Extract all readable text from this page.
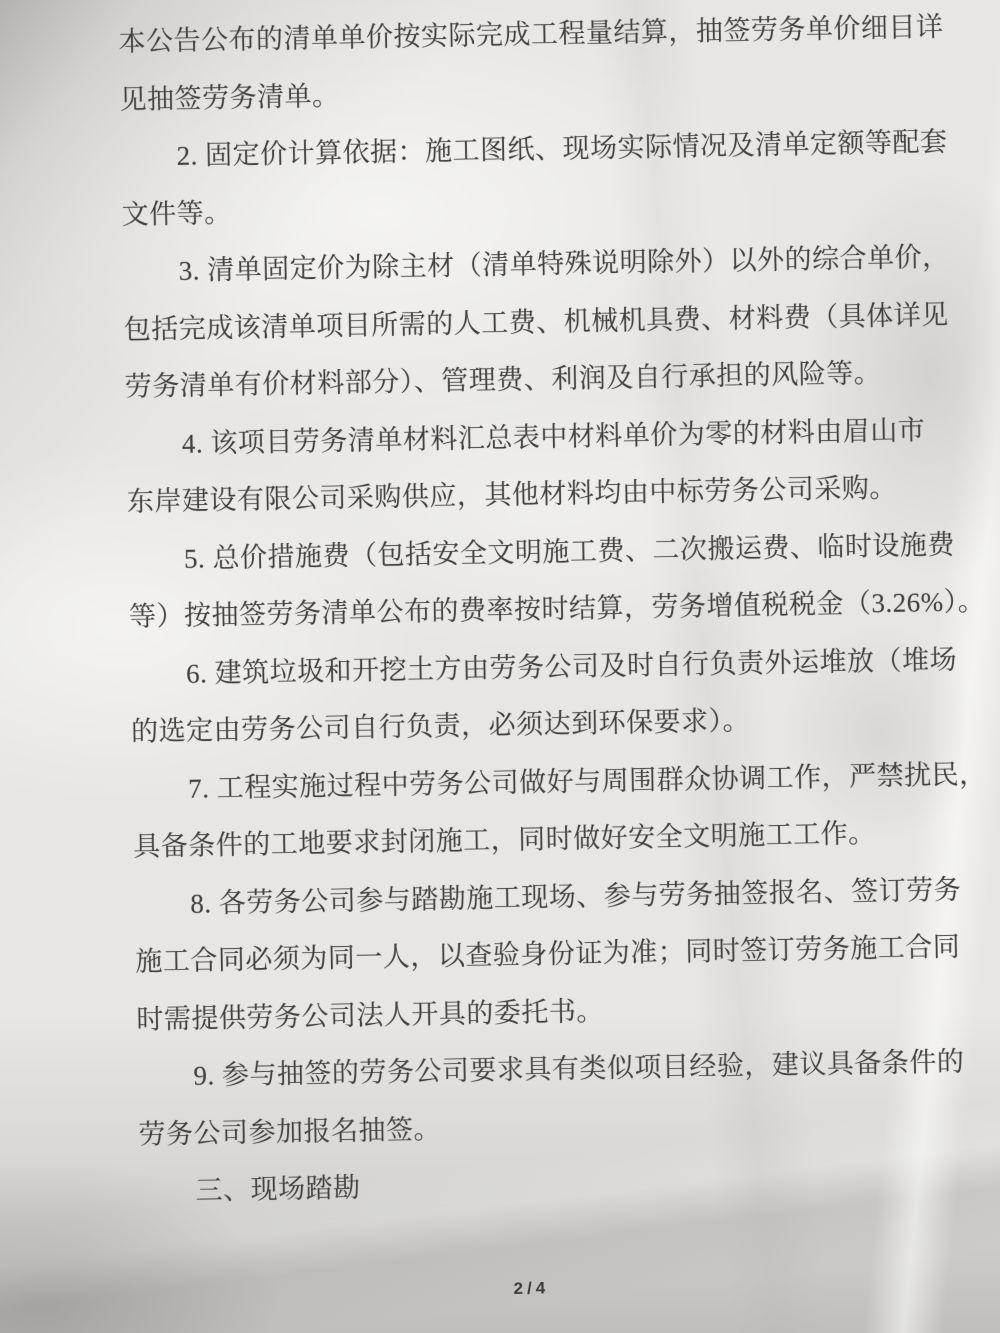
本公告公布的清单单价按实际完成工程量结算，抽签劳务单价细目详
见抽签劳务清单。
2. 固定价计算依据：施工图纸、现场实际情况及清单定额等配套
文件等。
3. 清单固定价为除主材（清单特殊说明除外）以外的综合单价，
包括完成该清单项目所需的人工费、机械机具费、材料费（具体详见
劳务清单有价材料部分）、管理费、利润及自行承担的风险等。
4. 该项目劳务清单材料汇总表中材料单价为零的材料由眉山市
东岸建设有限公司采购供应，其他材料均由中标劳务公司采购。
5. 总价措施费（包括安全文明施工费、二次搬运费、临时设施费
等）按抽签劳务清单公布的费率按时结算，劳务增值税税金（3.26%）。
6. 建筑垃圾和开挖土方由劳务公司及时自行负责外运堆放（堆场
的选定由劳务公司自行负责，必须达到环保要求）。
7. 工程实施过程中劳务公司做好与周围群众协调工作，严禁扰民，
具备条件的工地要求封闭施工，同时做好安全文明施工工作。
8. 各劳务公司参与踏勘施工现场、参与劳务抽签报名、签订劳务
施工合同必须为同一人，以查验身份证为准；同时签订劳务施工合同
时需提供劳务公司法人开具的委托书。
9. 参与抽签的劳务公司要求具有类似项目经验，建议具备条件的
劳务公司参加报名抽签。
三、现场踏勘
2/4
